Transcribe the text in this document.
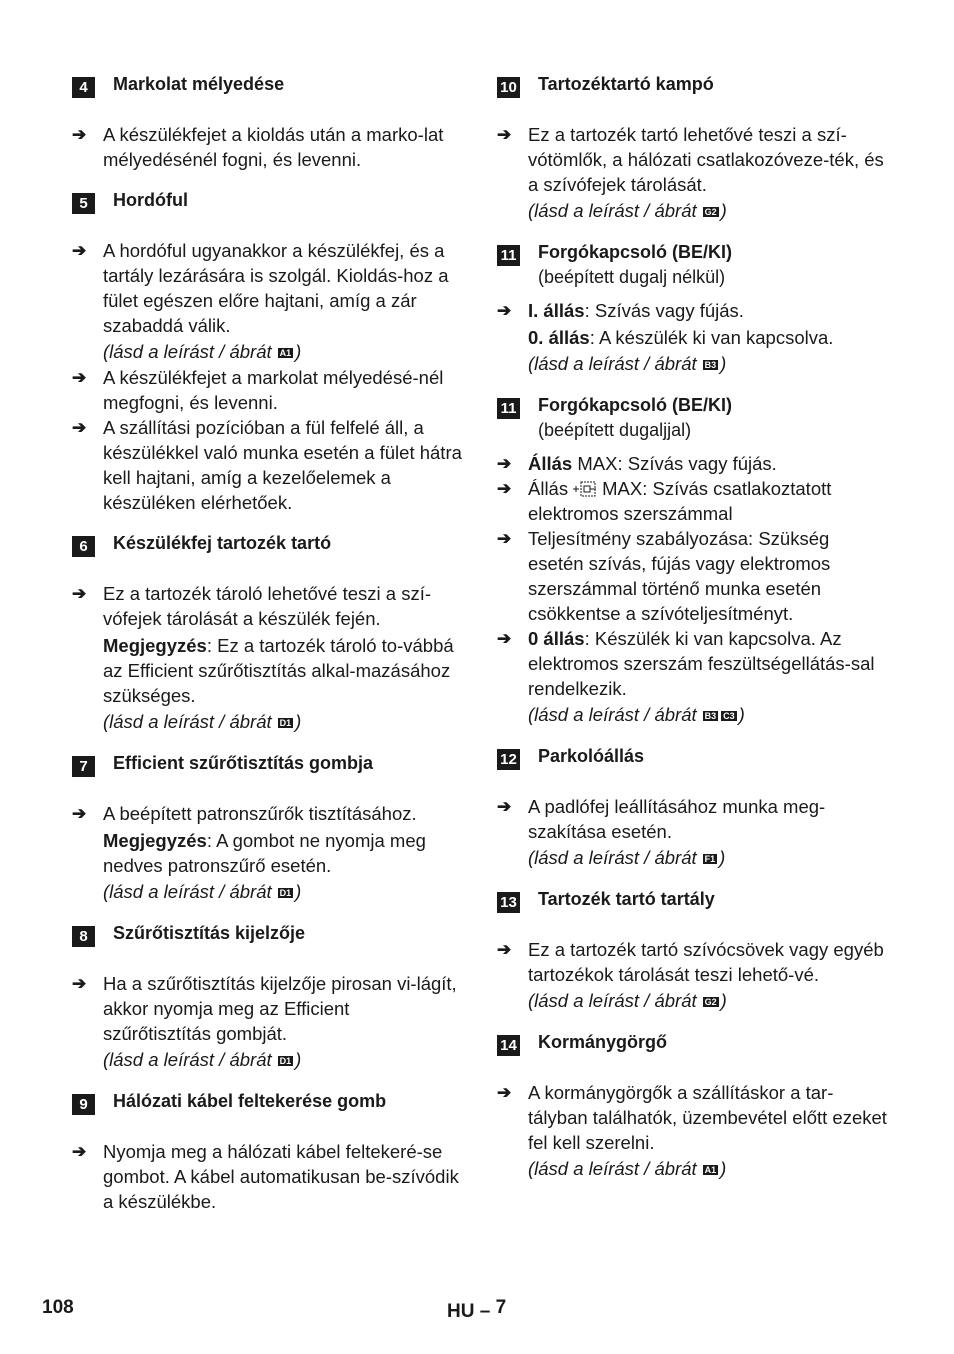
4	Markolat mélyedése
➔ A készülékfejet a kioldás után a marko-lat mélyedésénél fogni, és levenni.
5	Hordóful
➔ A hordóful ugyanakkor a készülékfej, és a tartály lezárására is szolgál. Kioldás-hoz a fület egészen előre hajtani, amíg a zár szabaddá válik.
(lásd a leírást / ábrát A1 )
➔ A készülékfejet a markolat mélyedésé-nél megfogni, és levenni.
➔ A szállítási pozícióban a fül felfelé áll, a készülékkel való munka esetén a fület hátra kell hajtani, amíg a kezelőelemek a készüléken elérhetőek.
6	Készülékfej tartozék tartó
➔ Ez a tartozék tároló lehetővé teszi a szí-vófejek tárolását a készülék fején.
Megjegyzés: Ez a tartozék tároló to-vábbá az Efficient szűrőtisztítás alkal-mazásához szükséges.
(lásd a leírást / ábrát D1 )
7	Efficient szűrőtisztítás gombja
➔ A beépített patronszűrők tisztításához.
Megjegyzés: A gombot ne nyomja meg nedves patronszűrő esetén.
(lásd a leírást / ábrát D1 )
8	Szűrőtisztítás kijelzője
➔ Ha a szűrőtisztítás kijelzője pirosan vi-lágít, akkor nyomja meg az Efficient szűrőtisztítás gombját.
(lásd a leírást / ábrát D1 )
9	Hálózati kábel feltekerése gomb
➔ Nyomja meg a hálózati kábel feltekeré-se gombot. A kábel automatikusan be-szívódik a készülékbe.
10 Tartozéktartó kampó
➔ Ez a tartozék tartó lehetővé teszi a szí-vótömlők, a hálózati csatlakozóveze-ték, és a szívófejek tárolását.
(lásd a leírást / ábrát G2 )
11 Forgókapcsoló (BE/KI)
(beépített dugalj nélkül)
➔ I. állás: Szívás vagy fújás.
0. állás: A készülék ki van kapcsolva.
(lásd a leírást / ábrát B3 )
11 Forgókapcsoló (BE/KI)
(beépített dugaljjal)
➔ Állás MAX: Szívás vagy fújás.
➔ Állás MAX: Szívás csatlakoztatott elektromos szerszámmal
➔ Teljesítmény szabályozása: Szükség esetén szívás, fújás vagy elektromos szerszámmal történő munka esetén csökkentse a szívóteljesítményt.
➔ 0 állás: Készülék ki van kapcsolva. Az elektromos szerszám feszültségellátás-sal rendelkezik.
(lásd a leírást / ábrát B3 C3 )
12 Parkolóállás
➔ A padlófej leállításához munka meg-szakítása esetén.
(lásd a leírást / ábrát F1 )
13 Tartozék tartó tartály
➔ Ez a tartozék tartó szívócsövek vagy egyéb tartozékok tárolását teszi lehető-vé.
(lásd a leírást / ábrát G2 )
14 Kormánygörgő
➔ A kormánygörgők a szállításkor a tar-tályban találhatók, üzembevétel előtt ezeket fel kell szerelni.
(lásd a leírást / ábrát A1 )
108	HU – $^7$
